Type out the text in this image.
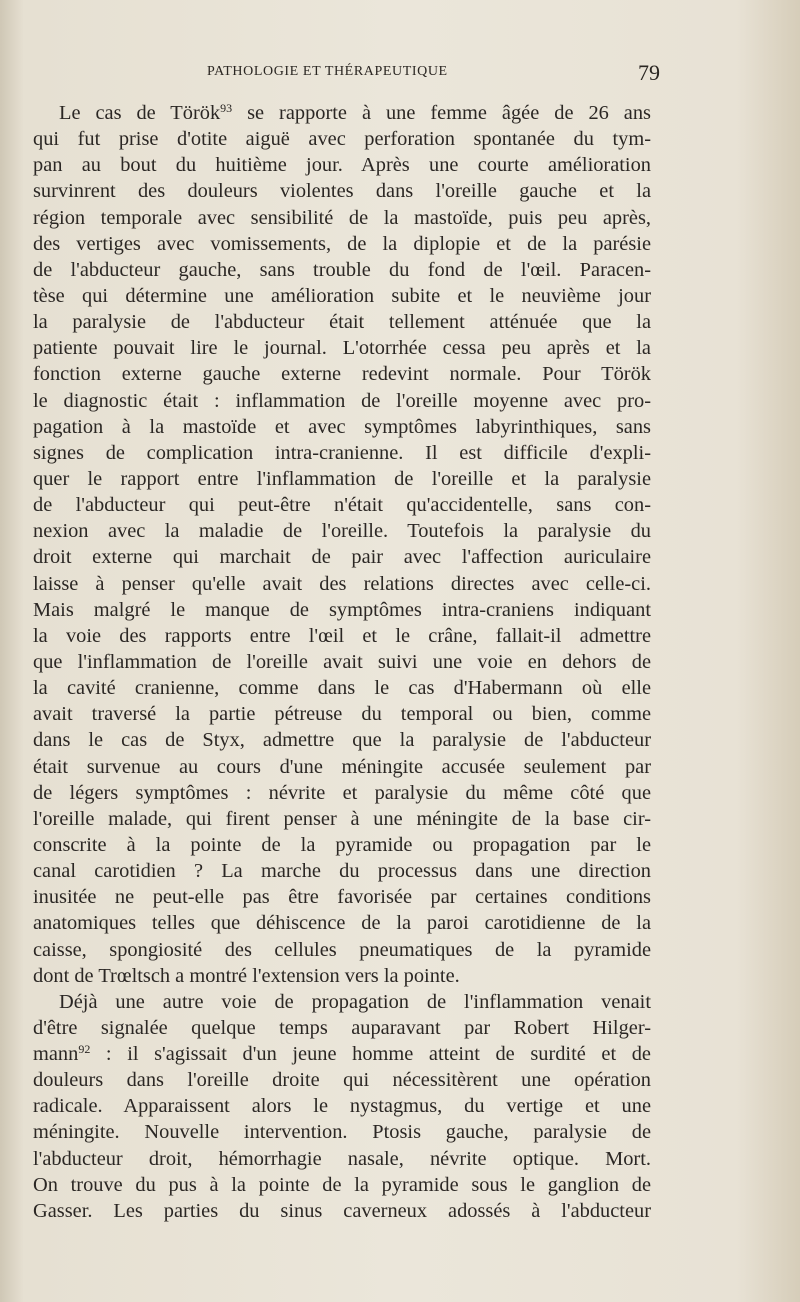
PATHOLOGIE ET THÉRAPEUTIQUE	79
Le cas de Török$^{93}$ se rapporte à une femme âgée de 26 ans
qui fut prise d'otite aiguë avec perforation spontanée du tym-
pan au bout du huitième jour. Après une courte amélioration
survinrent des douleurs violentes dans l'oreille gauche et la
région temporale avec sensibilité de la mastoïde, puis peu après,
des vertiges avec vomissements, de la diplopie et de la parésie
de l'abducteur gauche, sans trouble du fond de l'œil. Paracen-
tèse qui détermine une amélioration subite et le neuvième jour
la paralysie de l'abducteur était tellement atténuée que la
patiente pouvait lire le journal. L'otorrhée cessa peu après et la
fonction externe gauche externe redevint normale. Pour Török
le diagnostic était : inflammation de l'oreille moyenne avec pro-
pagation à la mastoïde et avec symptômes labyrinthiques, sans
signes de complication intra-cranienne. Il est difficile d'expli-
quer le rapport entre l'inflammation de l'oreille et la paralysie
de l'abducteur qui peut-être n'était qu'accidentelle, sans con-
nexion avec la maladie de l'oreille. Toutefois la paralysie du
droit externe qui marchait de pair avec l'affection auriculaire
laisse à penser qu'elle avait des relations directes avec celle-ci.
Mais malgré le manque de symptômes intra-craniens indiquant
la voie des rapports entre l'œil et le crâne, fallait-il admettre
que l'inflammation de l'oreille avait suivi une voie en dehors de
la cavité cranienne, comme dans le cas d'Habermann où elle
avait traversé la partie pétreuse du temporal ou bien, comme
dans le cas de Styx, admettre que la paralysie de l'abducteur
était survenue au cours d'une méningite accusée seulement par
de légers symptômes : névrite et paralysie du même côté que
l'oreille malade, qui firent penser à une méningite de la base cir-
conscrite à la pointe de la pyramide ou propagation par le
canal carotidien ? La marche du processus dans une direction
inusitée ne peut-elle pas être favorisée par certaines conditions
anatomiques telles que déhiscence de la paroi carotidienne de la
caisse, spongiosité des cellules pneumatiques de la pyramide
dont de Trœltsch a montré l'extension vers la pointe.
Déjà une autre voie de propagation de l'inflammation venait
d'être signalée quelque temps auparavant par Robert Hilger-
mann$^{92}$ : il s'agissait d'un jeune homme atteint de surdité et de
douleurs dans l'oreille droite qui nécessitèrent une opération
radicale. Apparaissent alors le nystagmus, du vertige et une
méningite. Nouvelle intervention. Ptosis gauche, paralysie de
l'abducteur droit, hémorrhagie nasale, névrite optique. Mort.
On trouve du pus à la pointe de la pyramide sous le ganglion de
Gasser. Les parties du sinus caverneux adossés à l'abducteur
